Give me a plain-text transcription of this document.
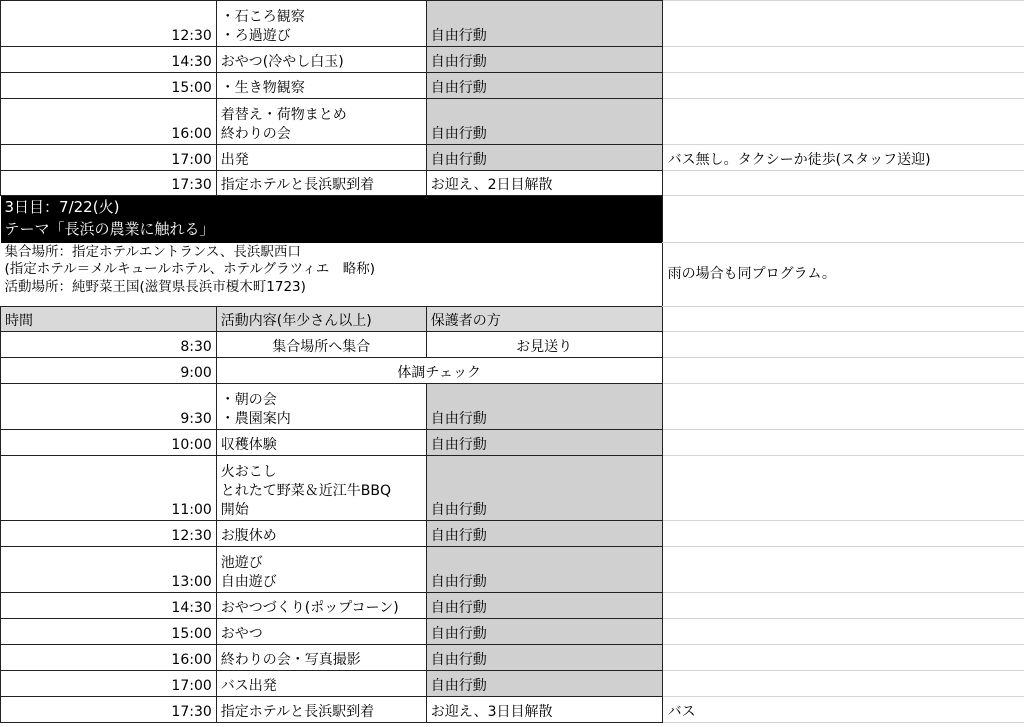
12:30	・石ころ観察
・ろ過遊び	自由行動	
14:30	おやつ(冷やし白玉)	自由行動	
15:00	・生き物観察	自由行動	
16:00	着替え・荷物まとめ
終わりの会	自由行動	
17:00	出発	自由行動	バス無し。タクシーか徒歩(スタッフ送迎)
17:30	指定ホテルと長浜駅到着	お迎え、2日目解散	

3日目：7/22(火)
テーマ「長浜の農業に触れる」			

集合場所：指定ホテルエントランス、長浜駅西口
(指定ホテル＝メルキュールホテル、ホテルグラツィエ　略称)
活動場所：純野菜王国(滋賀県長浜市榎木町1723)			雨の場合も同プログラム。
時間	活動内容(年少さん以上)	保護者の方	
8:30	集合場所へ集合	お見送り	
9:00	体調チェック		
9:30	・朝の会
・農園案内	自由行動	
10:00	収穫体験	自由行動	
11:00	火おこし
とれたて野菜＆近江牛BBQ
開始	自由行動	
12:30	お腹休め	自由行動	
13:00	池遊び
自由遊び	自由行動	
14:30	おやつづくり(ポップコーン)	自由行動	
15:00	おやつ	自由行動	
16:00	終わりの会・写真撮影	自由行動	
17:00	バス出発	自由行動	
17:30	指定ホテルと長浜駅到着	お迎え、3日目解散	バス
